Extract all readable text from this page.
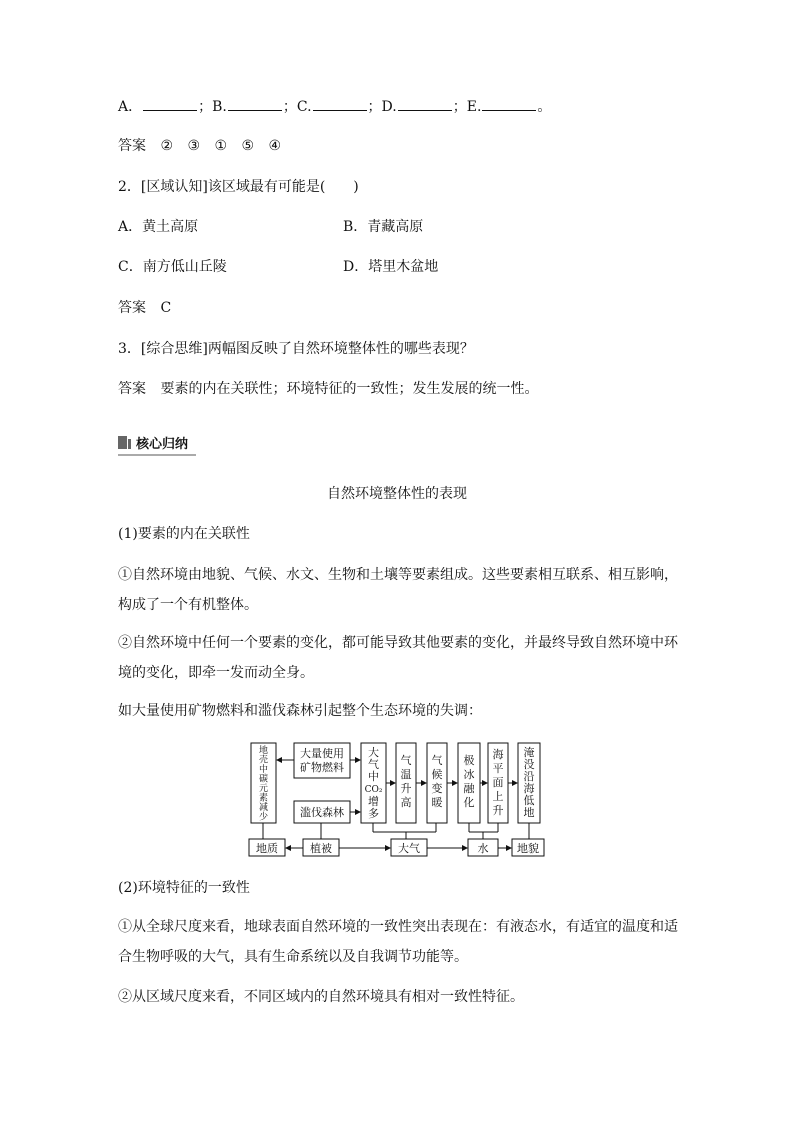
A．	；B.	；C.	；D.	；E.	。
答案 ② ③ ① ⑤ ④
2．[区域认知]该区域最有可能是(　　)
A．黄土高原	B．青藏高原
C．南方低山丘陵	D．塔里木盆地
答案 C
3．[综合思维]两幅图反映了自然环境整体性的哪些表现？
答案 要素的内在关联性；环境特征的一致性；发生发展的统一性。
核心归纳
自然环境整体性的表现
(1)要素的内在关联性
①自然环境由地貌、气候、水文、生物和土壤等要素组成。这些要素相互联系、相互影响，构成了一个有机整体。
②自然环境中任何一个要素的变化，都可能导致其他要素的变化，并最终导致自然环境中环境的变化，即牵一发而动全身。
如大量使用矿物燃料和滥伐森林引起整个生态环境的失调：
地
壳
中
碳
元
素
减
少
大量使用
矿物燃料
滥伐森林
大
气
中
CO₂
增
多
气
温
升
高
气
候
变
暖
极
冰
融
化
海
平
面
上
升
淹
没
沿
海
低
地
地质	植被	大气	水	地貌
(2)环境特征的一致性
①从全球尺度来看，地球表面自然环境的一致性突出表现在：有液态水，有适宜的温度和适合生物呼吸的大气，具有生命系统以及自我调节功能等。
②从区域尺度来看，不同区域内的自然环境具有相对一致性特征。
